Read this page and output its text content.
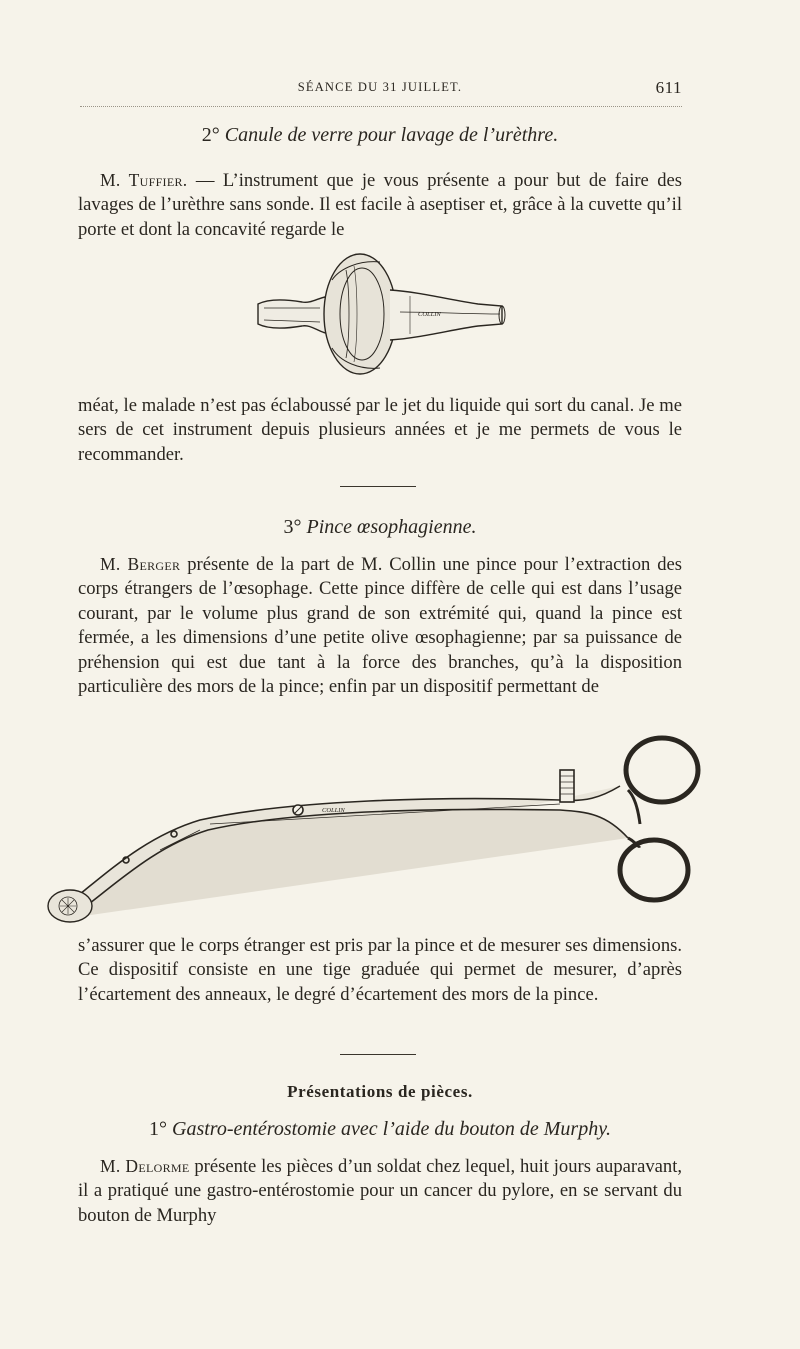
SÉANCE DU 31 JUILLET.	611
2° Canule de verre pour lavage de l’urèthre.

M. Tuffier. — L’instrument que je vous présente a pour but de faire des lavages de l’urèthre sans sonde. Il est facile à aseptiser et, grâce à la cuvette qu’il porte et dont la concavité regarde le

COLLIN

méat, le malade n’est pas éclaboussé par le jet du liquide qui sort du canal. Je me sers de cet instrument depuis plusieurs années et je me permets de vous le recommander.

3° Pince œsophagienne.

M. Berger présente de la part de M. Collin une pince pour l’extraction des corps étrangers de l’œsophage. Cette pince diffère de celle qui est dans l’usage courant, par le volume plus grand de son extrémité qui, quand la pince est fermée, a les dimensions d’une petite olive œsophagienne; par sa puissance de préhension qui est due tant à la force des branches, qu’à la disposition particulière des mors de la pince; enfin par un dispositif permettant de

COLLIN

s’assurer que le corps étranger est pris par la pince et de mesurer ses dimensions. Ce dispositif consiste en une tige graduée qui permet de mesurer, d’après l’écartement des anneaux, le degré d’écartement des mors de la pince.

Présentations de pièces.
1° Gastro-entérostomie avec l’aide du bouton de Murphy.

M. Delorme présente les pièces d’un soldat chez lequel, huit jours auparavant, il a pratiqué une gastro-entérostomie pour un cancer du pylore, en se servant du bouton de Murphy
